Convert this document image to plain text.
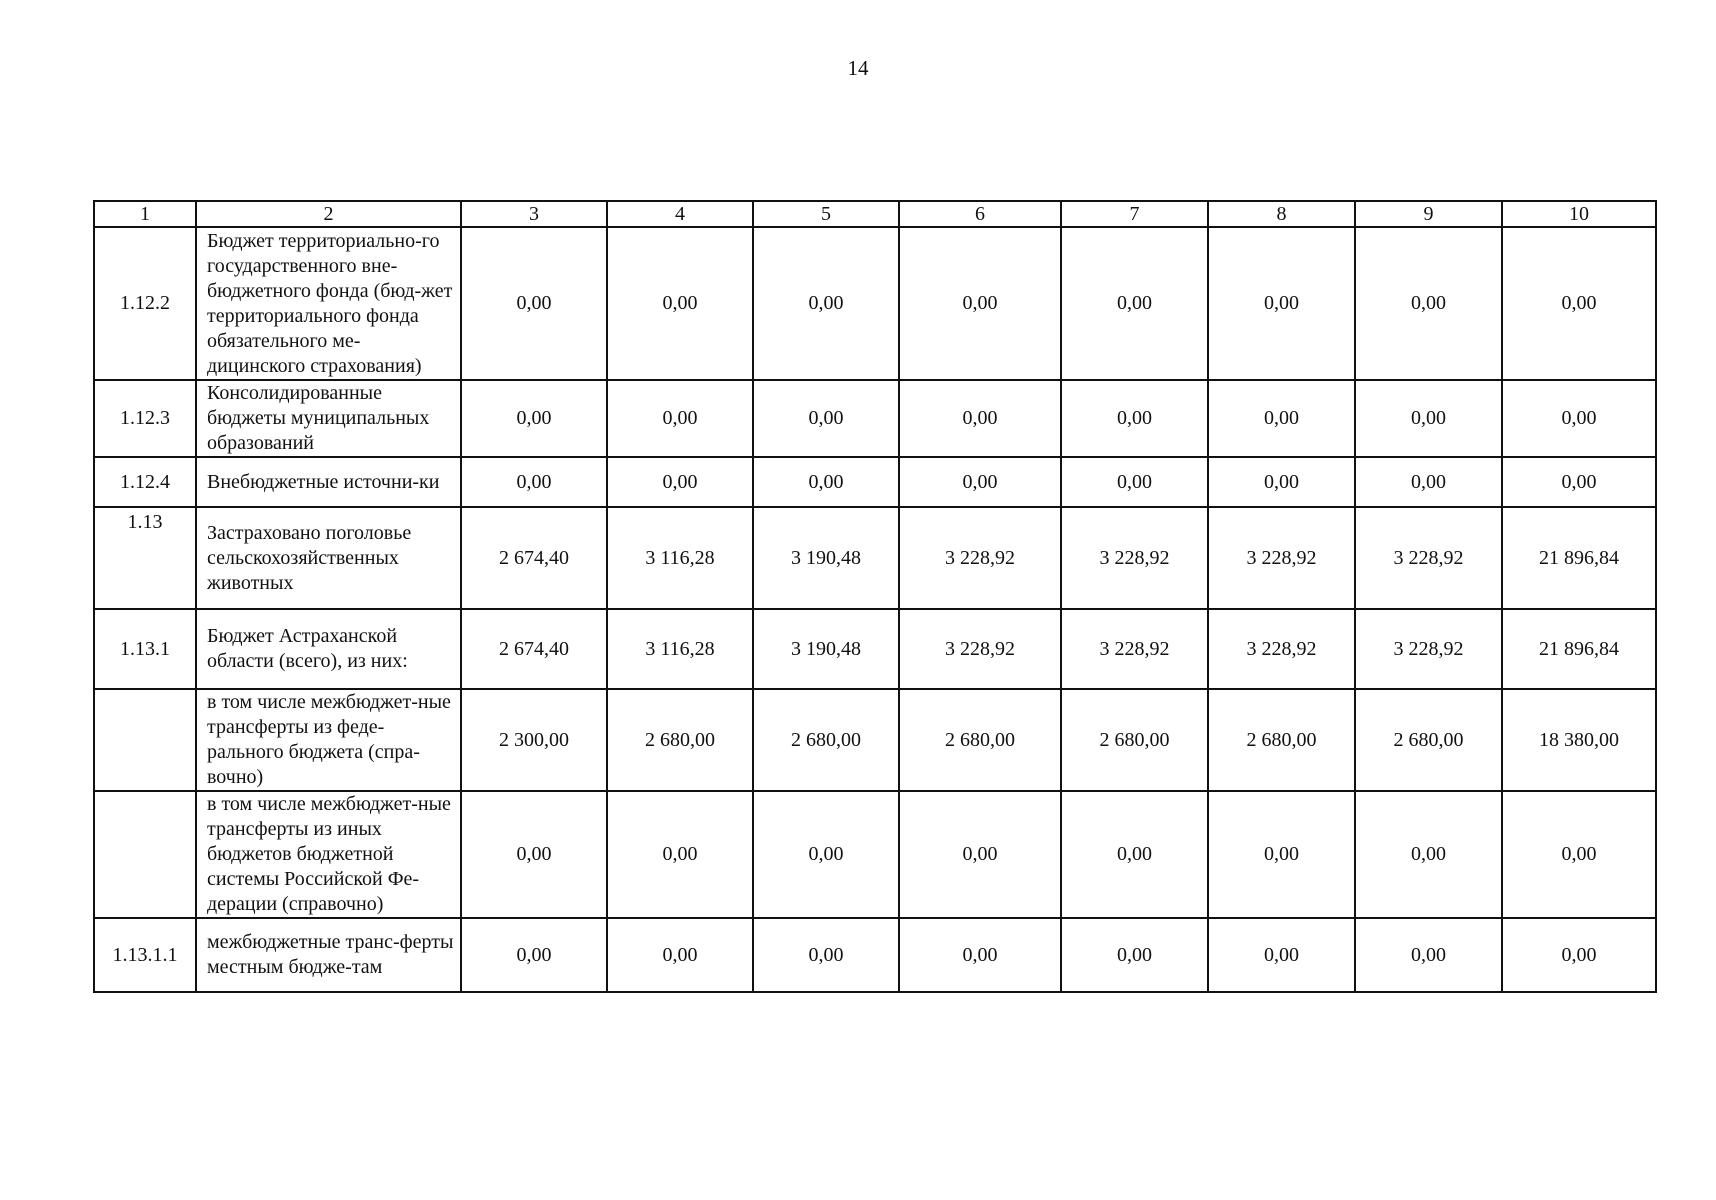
14
1	2	3	4	5	6	7	8	9	10
1.12.2	Бюджет территориально-го государственного вне-бюджетного фонда (бюд-жет территориального фонда обязательного ме-дицинского страхования)	0,00	0,00	0,00	0,00	0,00	0,00	0,00	0,00
1.12.3	Консолидированные бюджеты муниципальных образований	0,00	0,00	0,00	0,00	0,00	0,00	0,00	0,00
1.12.4	Внебюджетные источни-ки	0,00	0,00	0,00	0,00	0,00	0,00	0,00	0,00
1.13	Застраховано поголовье сельскохозяйственных животных	2 674,40	3 116,28	3 190,48	3 228,92	3 228,92	3 228,92	3 228,92	21 896,84
1.13.1	Бюджет Астраханской области (всего), из них:	2 674,40	3 116,28	3 190,48	3 228,92	3 228,92	3 228,92	3 228,92	21 896,84
	в том числе межбюджет-ные трансферты из феде-рального бюджета (спра-вочно)	2 300,00	2 680,00	2 680,00	2 680,00	2 680,00	2 680,00	2 680,00	18 380,00
	в том числе межбюджет-ные трансферты из иных бюджетов бюджетной системы Российской Фе-дерации (справочно)	0,00	0,00	0,00	0,00	0,00	0,00	0,00	0,00
1.13.1.1	межбюджетные транс-ферты местным бюдже-там	0,00	0,00	0,00	0,00	0,00	0,00	0,00	0,00
